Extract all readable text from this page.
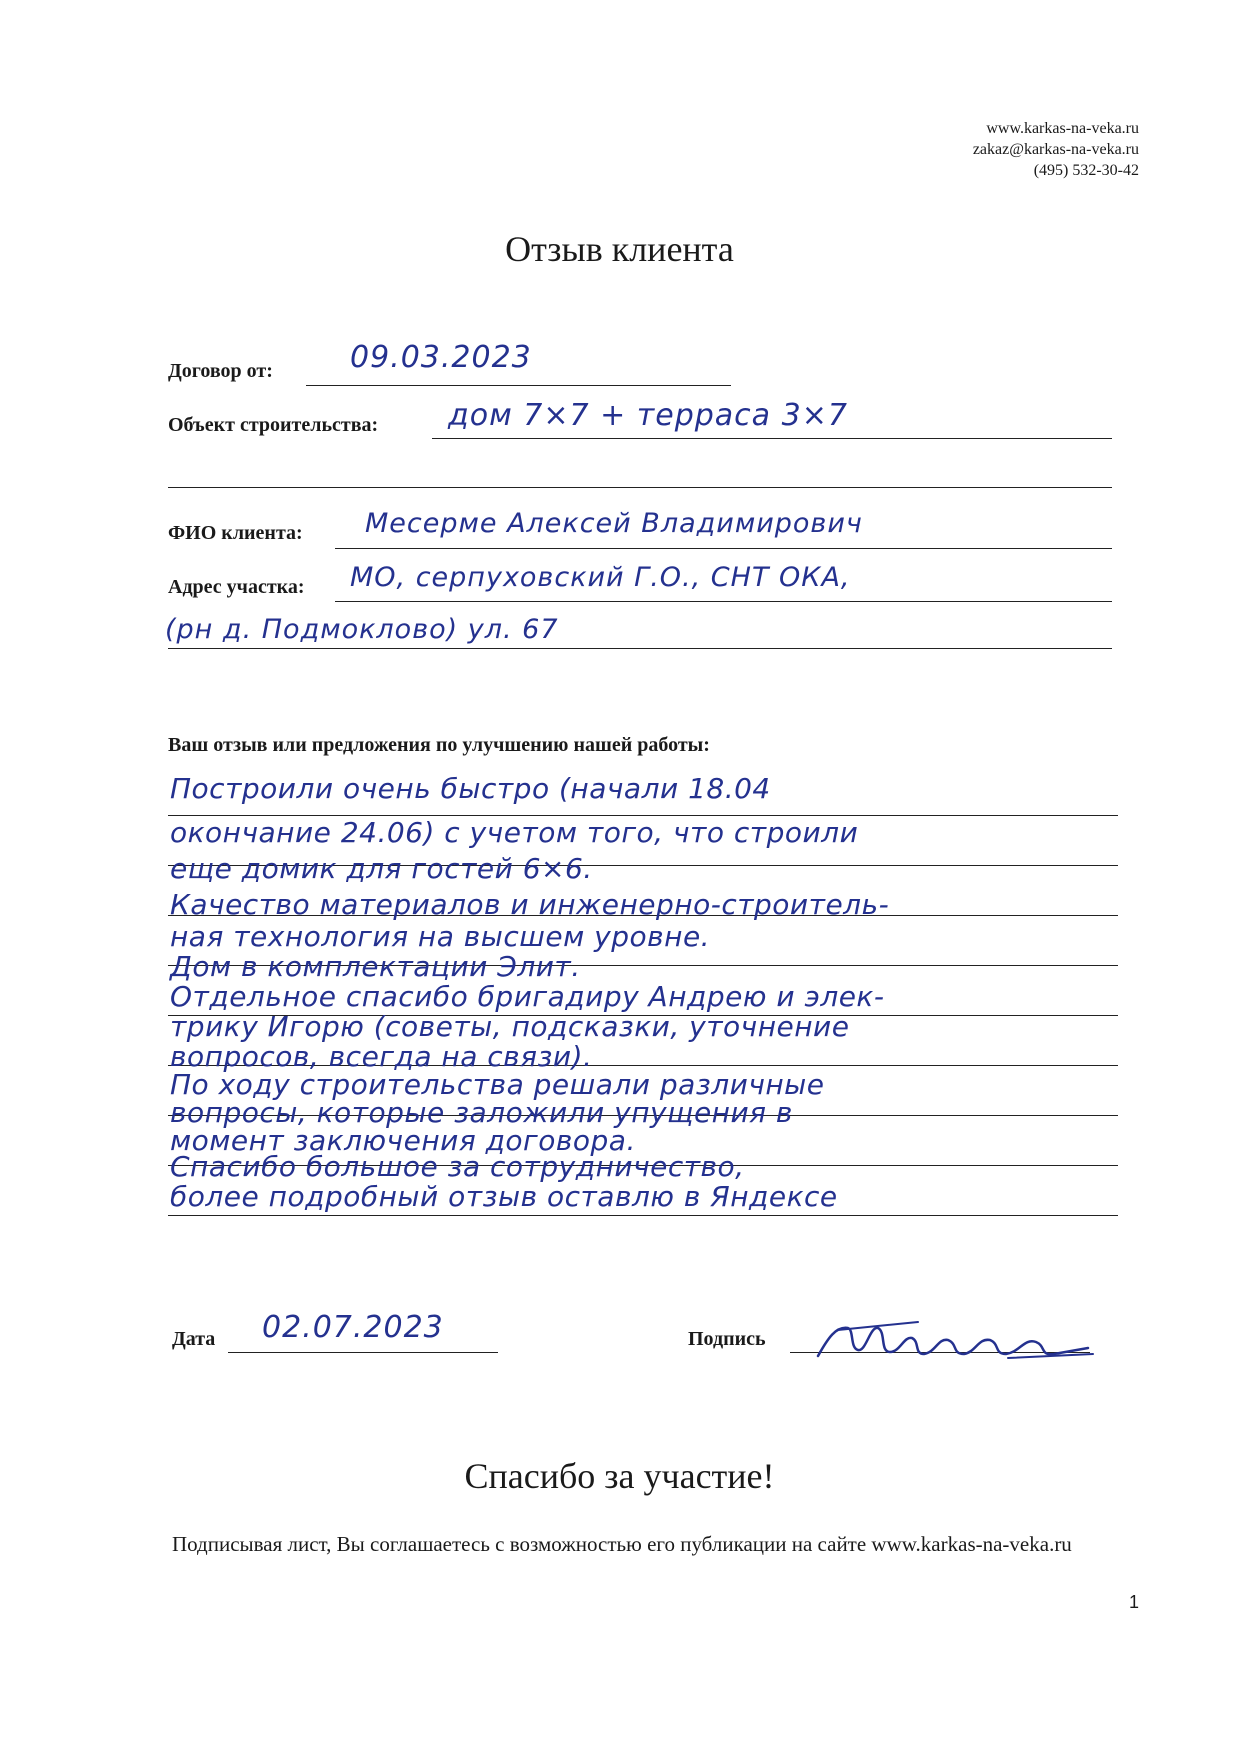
www.karkas-na-veka.ru
zakaz@karkas-na-veka.ru
(495) 532-30-42
Отзыв клиента
Договор от:	09.03.2023
Объект строительства: дом 7×7 + терраса 3×7
ФИО клиента: Месерме Алексей Владимирович
Адрес участка: МО, серпуховский Г.О., СНТ ОКА,
(рн д. Подмоклово) ул. 67
Ваш отзыв или предложения по улучшению нашей работы:
Построили очень быстро (начали 18.04
окончание 24.06) с учетом того, что строили
еще домик для гостей 6×6.
Качество материалов и инженерно-строитель-
ная технология на высшем уровне.
Дом в комплектации Элит.
Отдельное спасибо бригадиру Андрею и элек-
трику Игорю (советы, подсказки, уточнение
вопросов, всегда на связи).
По ходу строительства решали различные
вопросы, которые заложили упущения в
момент заключения договора.
Спасибо большое за сотрудничество,
более подробный отзыв оставлю в Яндексе
Дата 02.07.2023	Подпись
Спасибо за участие!
Подписывая лист, Вы соглашаетесь с возможностью его публикации на сайте www.karkas-na-veka.ru
1
